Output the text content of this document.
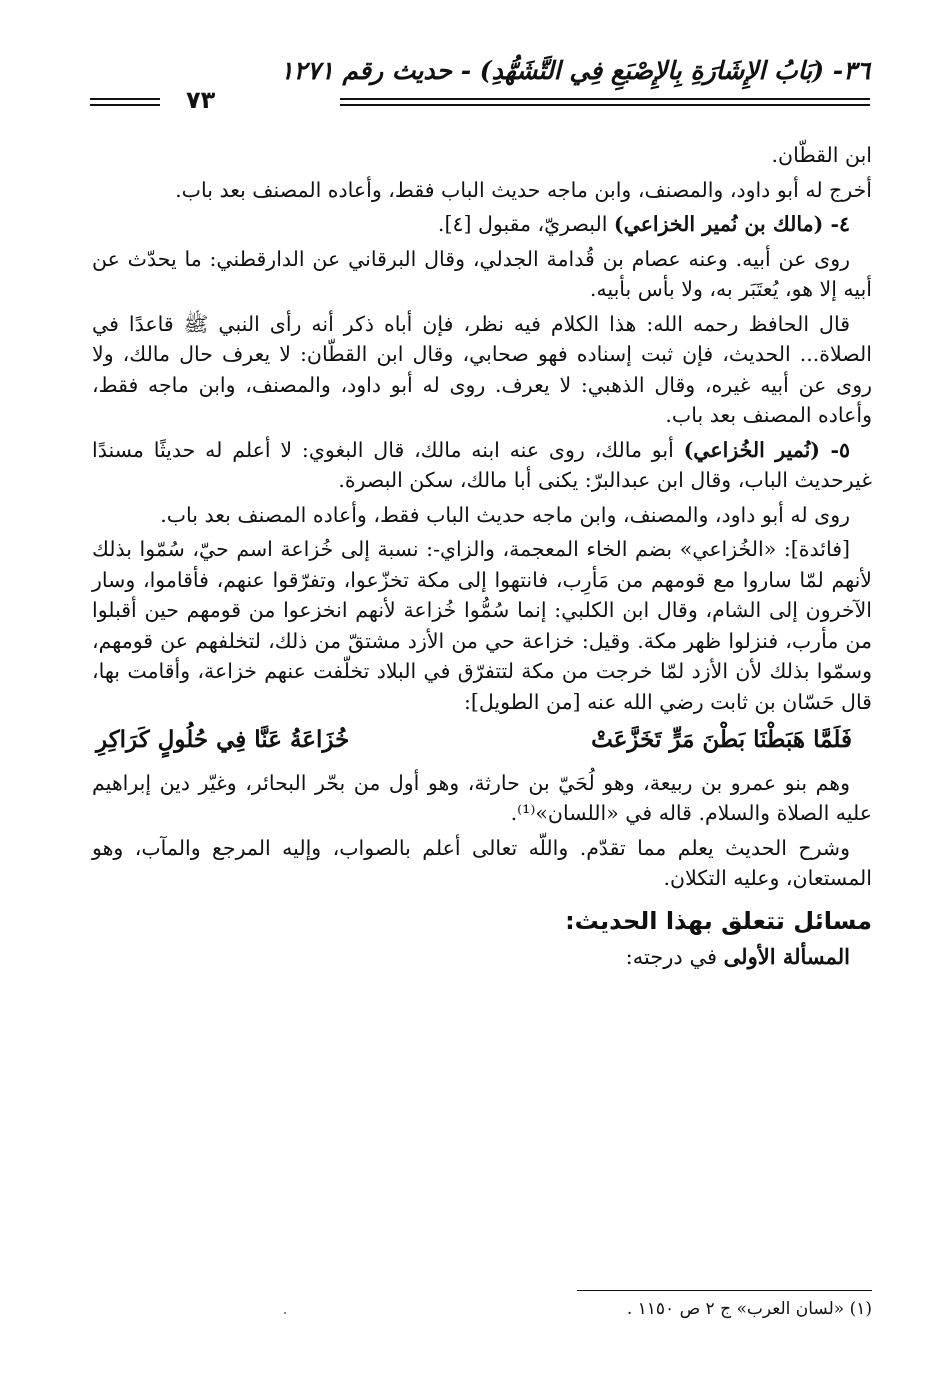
٣٦- (بَابُ الإِشَارَةِ بِالإِصْبَعِ فِي التَّشَهُّدِ) - حديث رقم ١٢٧١
٧٣

ابن القطّان.

أخرج له أبو داود، والمصنف، وابن ماجه حديث الباب فقط، وأعاده المصنف بعد باب.

٤- (مالك بن نُمير الخزاعي) البصريّ، مقبول [٤].

روى عن أبيه. وعنه عصام بن قُدامة الجدلي، وقال البرقاني عن الدارقطني: ما يحدّث عن أبيه إلا هو، يُعتَبَر به، ولا بأس بأبيه.

قال الحافظ رحمه الله: هذا الكلام فيه نظر، فإن أباه ذكر أنه رأى النبي ﷺ قاعدًا في الصلاة... الحديث، فإن ثبت إسناده فهو صحابي، وقال ابن القطّان: لا يعرف حال مالك، ولا روى عن أبيه غيره، وقال الذهبي: لا يعرف. روى له أبو داود، والمصنف، وابن ماجه فقط، وأعاده المصنف بعد باب.

٥- (نُمير الخُزاعي) أبو مالك، روى عنه ابنه مالك، قال البغوي: لا أعلم له حديثًا مسندًا غيرحديث الباب، وقال ابن عبدالبرّ: يكنى أبا مالك، سكن البصرة.

روى له أبو داود، والمصنف، وابن ماجه حديث الباب فقط، وأعاده المصنف بعد باب.

[فائدة]: «الخُزاعي» بضم الخاء المعجمة، والزاي-: نسبة إلى خُزاعة اسم حيّ، سُمّوا بذلك لأنهم لمّا ساروا مع قومهم من مَأرِب، فانتهوا إلى مكة تخزّعوا، وتفرّقوا عنهم، فأقاموا، وسار الآخرون إلى الشام، وقال ابن الكلبي: إنما سُمُّوا خُزاعة لأنهم انخزعوا من قومهم حين أقبلوا من مأرب، فنزلوا ظهر مكة. وقيل: خزاعة حي من الأزد مشتقّ من ذلك، لتخلفهم عن قومهم، وسمّوا بذلك لأن الأزد لمّا خرجت من مكة لتتفرّق في البلاد تخلّفت عنهم خزاعة، وأقامت بها، قال حَسّان بن ثابت رضي الله عنه [من الطويل]:

فَلَمَّا هَبَطْنَا بَطْنَ مَرٍّ تَخَزَّعَتْ
خُزَاعَةُ عَنَّا فِي حُلُولٍ كَرَاكِرِ

وهم بنو عمرو بن ربيعة، وهو لُحَيّ بن حارثة، وهو أول من بحّر البحائر، وغيّر دين إبراهيم عليه الصلاة والسلام. قاله في «اللسان»⁽¹⁾.

وشرح الحديث يعلم مما تقدّم. واللّه تعالى أعلم بالصواب، وإليه المرجع والمآب، وهو المستعان، وعليه التكلان.

مسائل تتعلق بهذا الحديث:
المسألة الأولى في درجته:
(١) «لسان العرب» ج ٢ ص ١١٥٠ .
